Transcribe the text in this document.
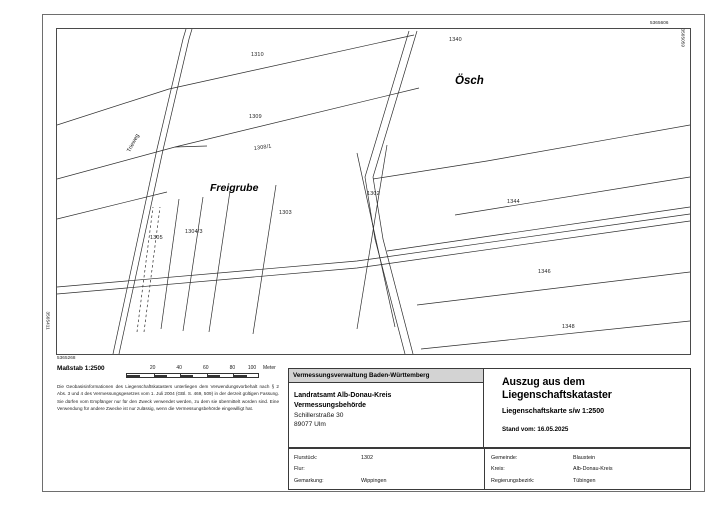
Ösch
Freigrube
Trieweg
1310
1340
1309
1308/1
1302
1344
1303
1305
1304/3
1346
1348
5365606
3565059
3565411
5365268
Maßstab 1:2500	20	40	60	80	100 Meter
Die Geobasisinformationen des Liegenschaftskatasters unterliegen dem Verwendungsvorbehalt nach § 2 Abs. 3 und 4 des Vermessungsgesetzes vom 1. Juli 2004 (GBl. S. 469, 509) in der derzeit gültigen Fassung. Sie dürfen vom Empfänger nur für den Zweck verwendet werden, zu dem sie übermittelt worden sind. Eine Verwendung für andere Zwecke ist nur zulässig, wenn die Vermessungsbehörde eingewilligt hat.
Vermessungsverwaltung Baden-Württemberg
Landratsamt Alb-Donau-Kreis
Vermessungsbehörde
Schillerstraße 30
89077 Ulm
Auszug aus dem
Liegenschaftskataster
Liegenschaftskarte s/w 1:2500
Stand vom: 16.05.2025
Flurstück:	1302
Flur:
Gemarkung:	Wippingen
Gemeinde:	Blaustein
Kreis:	Alb-Donau-Kreis
Regierungsbezirk:	Tübingen
